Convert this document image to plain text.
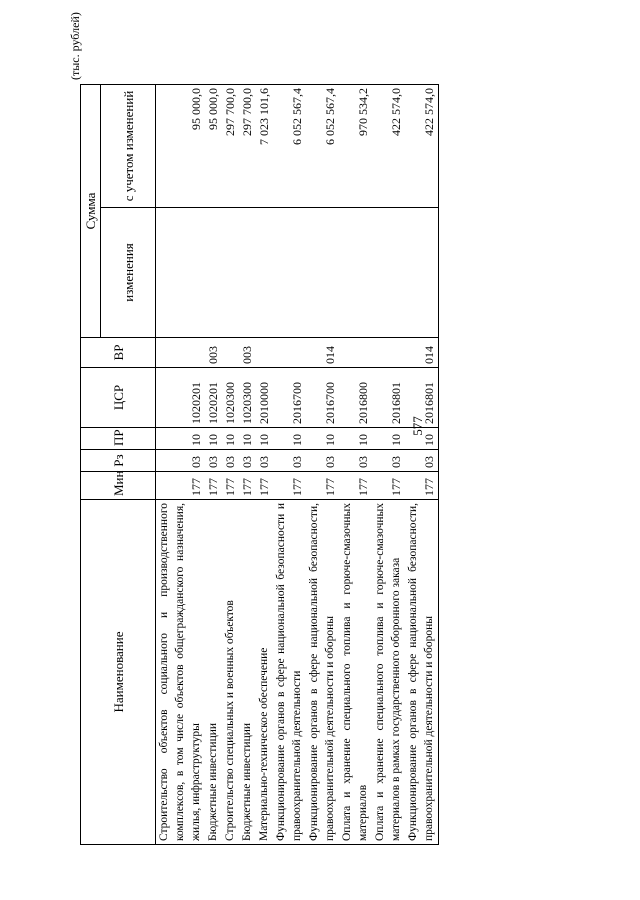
577
(тыс. рублей)
Наименование	Мин	Рз	ПР	ЦСР	ВР	Сумма	
						изменения	с учетом изменений
Строительство объектов социального и производственного комплексов, в том числе объектов общегражданского назначения, жилья, инфраструктуры	177	03	10	1020201			95 000,0
Бюджетные инвестиции	177	03	10	1020201	003		95 000,0
Строительство специальных и военных объектов	177	03	10	1020300			297 700,0
Бюджетные инвестиции	177	03	10	1020300	003		297 700,0
Материально-техническое обеспечение	177	03	10	2010000			7 023 101,6
Функционирование органов в сфере национальной безопасности и правоохранительной деятельности	177	03	10	2016700			6 052 567,4
Функционирование органов в сфере национальной безопасности, правоохранительной деятельности и обороны	177	03	10	2016700	014		6 052 567,4
Оплата и хранение специального топлива и горюче-смазочных материалов	177	03	10	2016800			970 534,2
Оплата и хранение специального топлива и горюче-смазочных материалов в рамках государственного оборонного заказа	177	03	10	2016801			422 574,0
Функционирование органов в сфере национальной безопасности, правоохранительной деятельности и обороны	177	03	10	2016801	014		422 574,0
